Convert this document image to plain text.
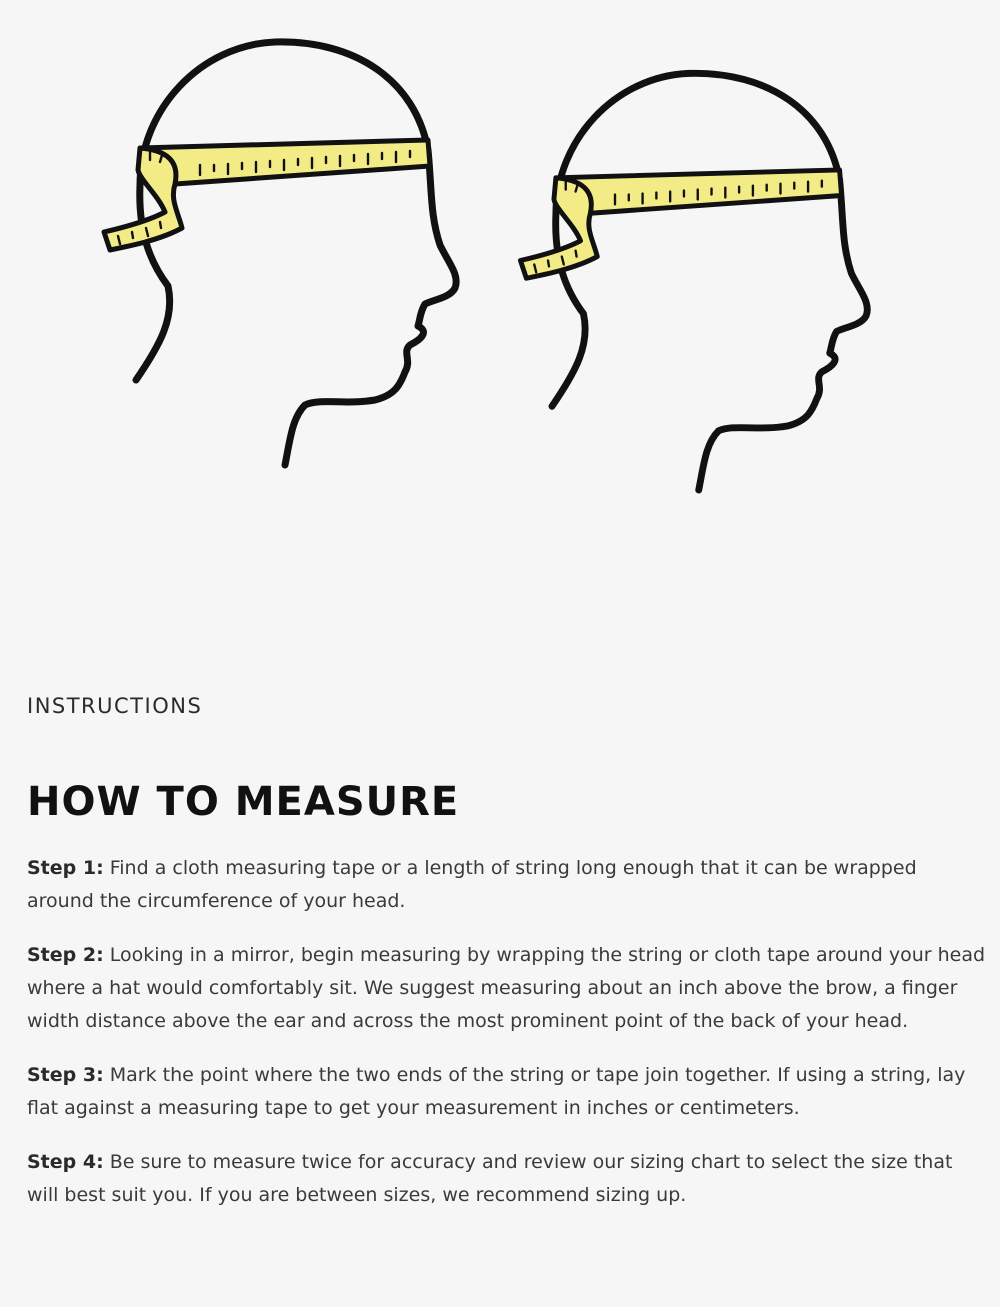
INSTRUCTIONS

HOW TO MEASURE

Step 1: Find a cloth measuring tape or a length of string long enough that it can be wrapped around the circumference of your head.

Step 2: Looking in a mirror, begin measuring by wrapping the string or cloth tape around your head where a hat would comfortably sit. We suggest measuring about an inch above the brow, a finger width distance above the ear and across the most prominent point of the back of your head.

Step 3: Mark the point where the two ends of the string or tape join together. If using a string, lay flat against a measuring tape to get your measurement in inches or centimeters.

Step 4: Be sure to measure twice for accuracy and review our sizing chart to select the size that will best suit you. If you are between sizes, we recommend sizing up.
